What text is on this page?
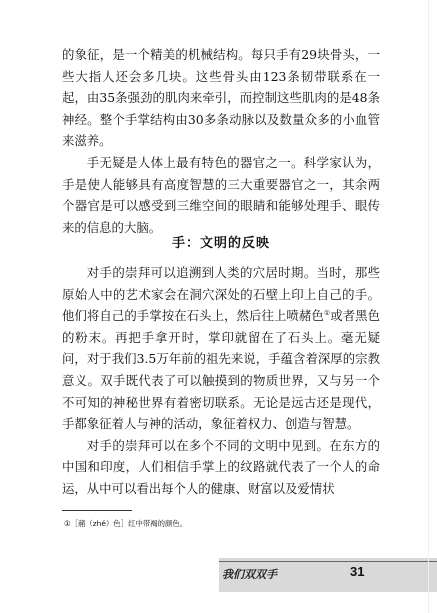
的象征，是一个精美的机械结构。每只手有29块骨头，一些大指人还会多几块。这些骨头由123条韧带联系在一起，由35条强劲的肌肉来牵引，而控制这些肌肉的是48条神经。整个手掌结构由30多条动脉以及数量众多的小血管来滋养。

手无疑是人体上最有特色的器官之一。科学家认为，手是使人能够具有高度智慧的三大重要器官之一，其余两个器官是可以感受到三维空间的眼睛和能够处理手、眼传来的信息的大脑。

手：文明的反映

对手的崇拜可以追溯到人类的穴居时期。当时，那些原始人中的艺术家会在洞穴深处的石壁上印上自己的手。他们将自己的手掌按在石头上，然后往上喷赭色①或者黑色的粉末。再把手拿开时，掌印就留在了石头上。毫无疑问，对于我们3.5万年前的祖先来说，手蕴含着深厚的宗教意义。双手既代表了可以触摸到的物质世界，又与另一个不可知的神秘世界有着密切联系。无论是远古还是现代，手都象征着人与神的活动，象征着权力、创造与智慧。

对手的崇拜可以在多个不同的文明中见到。在东方的中国和印度，人们相信手掌上的纹路就代表了一个人的命运，从中可以看出每个人的健康、财富以及爱情状

①［赭（zhě）色］红中带褐的颜色。
我们双双手	31
